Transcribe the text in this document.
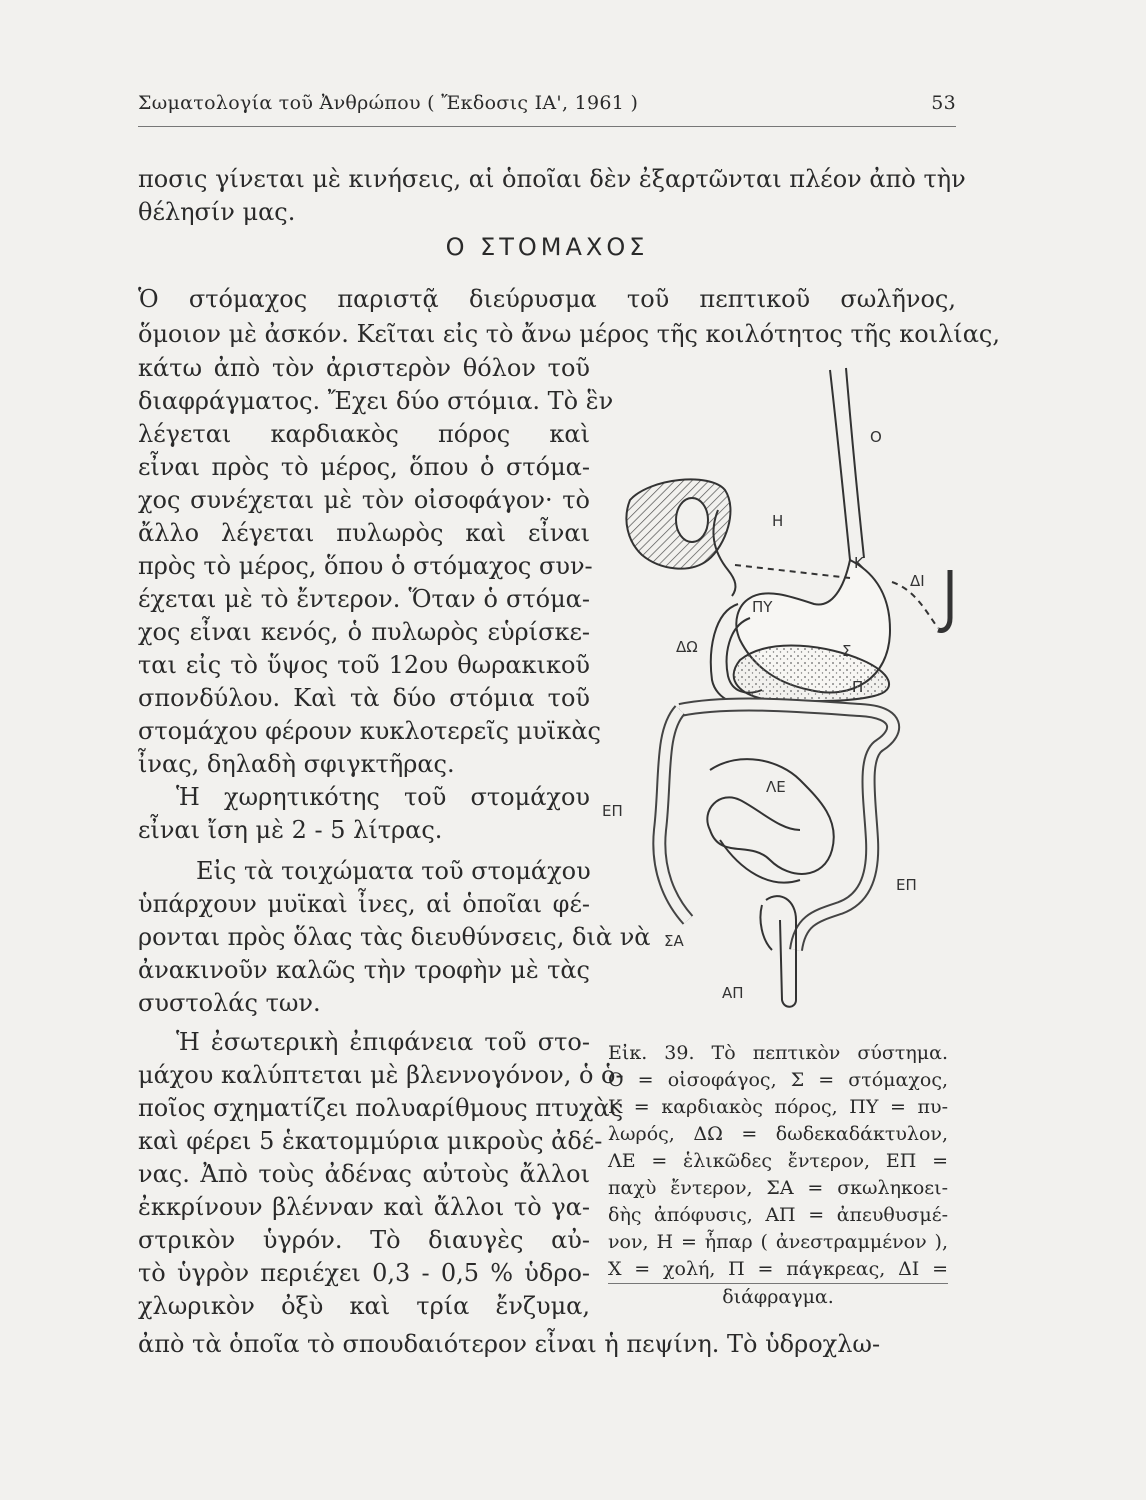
Σωματολογία τοῦ Ἀνθρώπου ( Ἔκδοσις ΙΑ', 1961 )	53
ποσις γίνεται μὲ κινήσεις, αἱ ὁποῖαι δὲν ἐξαρτῶνται πλέον ἀπὸ τὴν
θέλησίν μας.
Ο ΣΤΟΜΑΧΟΣ
Ὁ στόμαχος παριστᾷ διεύρυσμα τοῦ πεπτικοῦ σωλῆνος,
ὅμοιον μὲ ἀσκόν. Κεῖται εἰς τὸ ἄνω μέρος τῆς κοιλότητος τῆς κοιλίας,
κάτω ἀπὸ τὸν ἀριστερὸν θόλον τοῦ
διαφράγματος. Ἔχει δύο στόμια. Τὸ ἓν
λέγεται καρδιακὸς πόρος καὶ
εἶναι πρὸς τὸ μέρος, ὅπου ὁ στόμα-
χος συνέχεται μὲ τὸν οἰσοφάγον· τὸ
ἄλλο λέγεται πυλωρὸς καὶ εἶναι
πρὸς τὸ μέρος, ὅπου ὁ στόμαχος συν-
έχεται μὲ τὸ ἔντερον. Ὅταν ὁ στόμα-
χος εἶναι κενός, ὁ πυλωρὸς εὑρίσκε-
ται εἰς τὸ ὕψος τοῦ 12ου θωρακικοῦ
σπονδύλου. Καὶ τὰ δύο στόμια τοῦ
στομάχου φέρουν κυκλοτερεῖς μυϊκὰς
ἶνας, δηλαδὴ σφιγκτῆρας.
Ἡ χωρητικότης τοῦ στομάχου
εἶναι ἴση μὲ 2 - 5 λίτρας.
Εἰς τὰ τοιχώματα τοῦ στομάχου
ὑπάρχουν μυϊκαὶ ἶνες, αἱ ὁποῖαι φέ-
ρονται πρὸς ὅλας τὰς διευθύνσεις, διὰ νὰ
ἀνακινοῦν καλῶς τὴν τροφὴν μὲ τὰς
συστολάς των.
Ἡ ἐσωτερικὴ ἐπιφάνεια τοῦ στο-
μάχου καλύπτεται μὲ βλεννογόνον, ὁ ὁ-
ποῖος σχηματίζει πολυαρίθμους πτυχὰς
καὶ φέρει 5 ἑκατομμύρια μικροὺς ἀδέ-
νας. Ἀπὸ τοὺς ἀδένας αὐτοὺς ἄλλοι
ἐκκρίνουν βλένναν καὶ ἄλλοι τὸ γα-
στρικὸν ὑγρόν. Τὸ διαυγὲς αὐ-
τὸ ὑγρὸν περιέχει 0,3 - 0,5 % ὑδρο-
χλωρικὸν ὀξὺ καὶ τρία ἔνζυμα,
ἀπὸ τὰ ὁποῖα τὸ σπουδαιότερον εἶναι ἡ πεψίνη. Τὸ ὑδροχλω-
Ο
Η
Κ
ΔΙ
ΠΥ
Σ
ΔΩ
Π
ΛΕ
ΕΠ
ΕΠ
ΣΑ
ΑΠ
Εἰκ. 39. Τὸ πεπτικὸν σύστημα.
Ο = οἰσοφάγος, Σ = στόμαχος,
Κ = καρδιακὸς πόρος, ΠΥ = πυ-
λωρός, ΔΩ = δωδεκαδάκτυλον,
ΛΕ = ἑλικῶδες ἔντερον, ΕΠ =
παχὺ ἔντερον, ΣΑ = σκωληκοει-
δὴς ἀπόφυσις, ΑΠ = ἀπευθυσμέ-
νον, Η = ἧπαρ ( ἀνεστραμμένον ),
Χ = χολή, Π = πάγκρεας, ΔΙ =
διάφραγμα.
